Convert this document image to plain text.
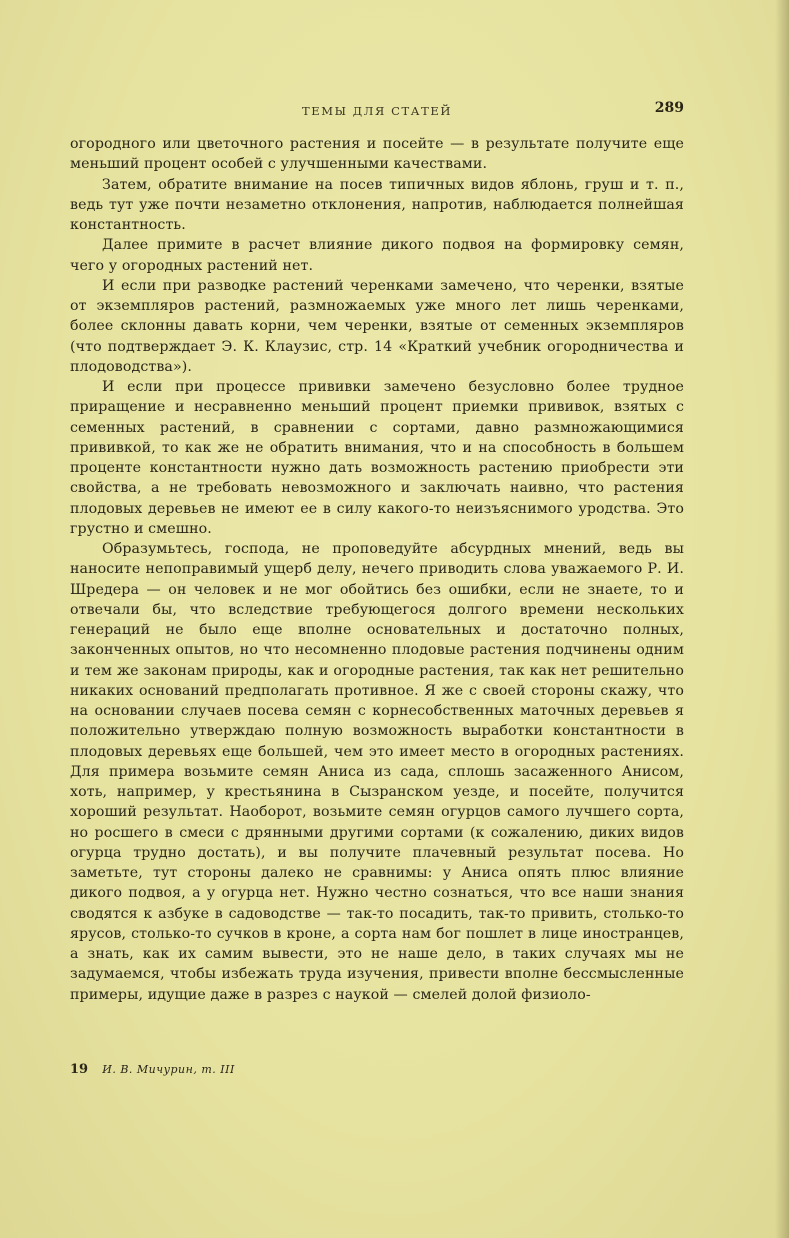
ТЕМЫ ДЛЯ СТАТЕЙ	289

огородного или цветочного растения и посейте — в результате получите еще меньший процент особей с улучшенными качествами.

Затем, обратите внимание на посев типичных видов яблонь, груш и т. п., ведь тут уже почти незаметно отклонения, напротив, наблюдается полнейшая константность.

Далее примите в расчет влияние дикого подвоя на формировку семян, чего у огородных растений нет.

И если при разводке растений черенками замечено, что черенки, взятые от экземпляров растений, размножаемых уже много лет лишь черенками, более склонны давать корни, чем черенки, взятые от семенных экземпляров (что подтверждает Э. К. Клаузис, стр. 14 «Краткий учебник огородничества и плодоводства»).

И если при процессе прививки замечено безусловно более трудное приращение и несравненно меньший процент приемки прививок, взятых с семенных растений, в сравнении с сортами, давно размножающимися прививкой, то как же не обратить внимания, что и на способность в большем проценте константности нужно дать возможность растению приобрести эти свойства, а не требовать невозможного и заключать наивно, что растения плодовых деревьев не имеют ее в силу какого-то неизъяснимого уродства. Это грустно и смешно.

Образумьтесь, господа, не проповедуйте абсурдных мнений, ведь вы наносите непоправимый ущерб делу, нечего приводить слова уважаемого Р. И. Шредера — он человек и не мог обойтись без ошибки, если не знаете, то и отвечали бы, что вследствие требующегося долгого времени нескольких генераций не было еще вполне основательных и достаточно полных, законченных опытов, но что несомненно плодовые растения подчинены одним и тем же законам природы, как и огородные растения, так как нет решительно никаких оснований предполагать противное. Я же с своей стороны скажу, что на основании случаев посева семян с корнесобственных маточных деревьев я положительно утверждаю полную возможность выработки константности в плодовых деревьях еще большей, чем это имеет место в огородных растениях. Для примера возьмите семян Аниса из сада, сплошь засаженного Анисом, хоть, например, у крестьянина в Сызранском уезде, и посейте, получится хороший результат. Наоборот, возьмите семян огурцов самого лучшего сорта, но росшего в смеси с дрянными другими сортами (к сожалению, диких видов огурца трудно достать), и вы получите плачевный результат посева. Но заметьте, тут стороны далеко не сравнимы: у Аниса опять плюс влияние дикого подвоя, а у огурца нет. Нужно честно сознаться, что все наши знания сводятся к азбуке в садоводстве — так-то посадить, так-то привить, столько-то ярусов, столько-то сучков в кроне, а сорта нам бог пошлет в лице иностранцев, а знать, как их самим вывести, это не наше дело, в таких случаях мы не задумаемся, чтобы избежать труда изучения, привести вполне бессмысленные примеры, идущие даже в разрез с наукой — смелей долой физиоло-

19 И. В. Мичурин, т. III
